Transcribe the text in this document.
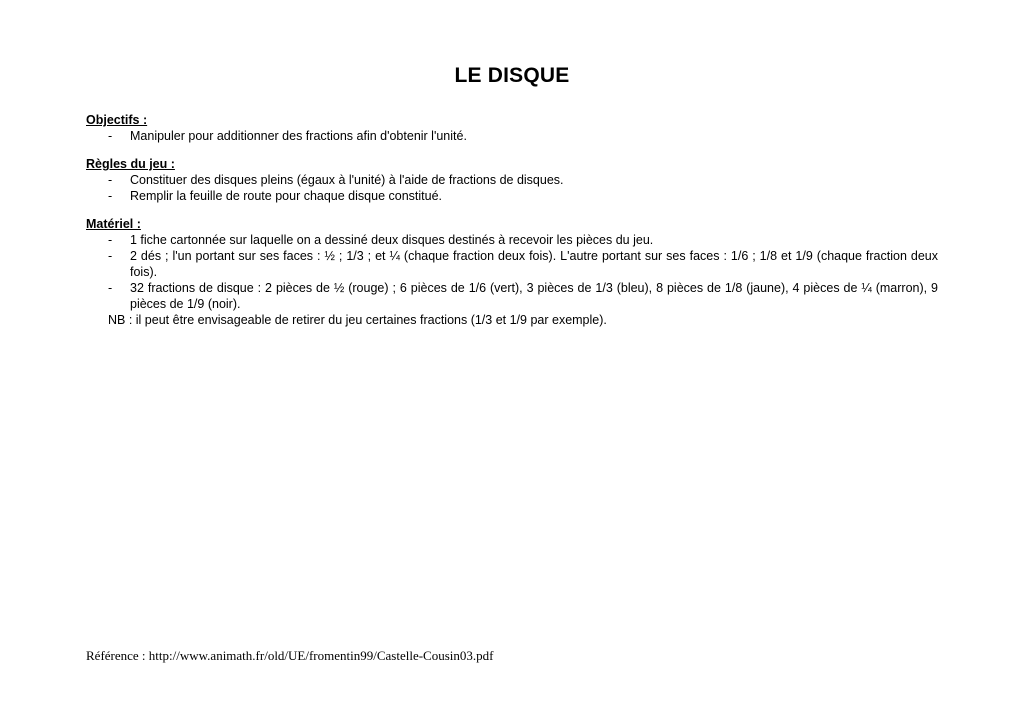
LE DISQUE

Objectifs :

- Manipuler pour additionner des fractions afin d'obtenir l'unité.

Règles du jeu :

- Constituer des disques pleins (égaux à l'unité) à l'aide de fractions de disques.
- Remplir la feuille de route pour chaque disque constitué.

Matériel :

- 1 fiche cartonnée sur laquelle on a dessiné deux disques destinés à recevoir les pièces du jeu.
- 2 dés ; l'un portant sur ses faces : ½ ; 1/3 ; et ¼ (chaque fraction deux fois). L'autre portant sur ses faces : 1/6 ; 1/8 et 1/9 (chaque fraction deux fois).
- 32 fractions de disque : 2 pièces de ½ (rouge) ; 6 pièces de 1/6 (vert), 3 pièces de 1/3 (bleu), 8 pièces de 1/8 (jaune), 4 pièces de ¼ (marron), 9 pièces de 1/9 (noir).
NB : il peut être envisageable de retirer du jeu certaines fractions (1/3 et 1/9 par exemple).
Référence : http://www.animath.fr/old/UE/fromentin99/Castelle-Cousin03.pdf
